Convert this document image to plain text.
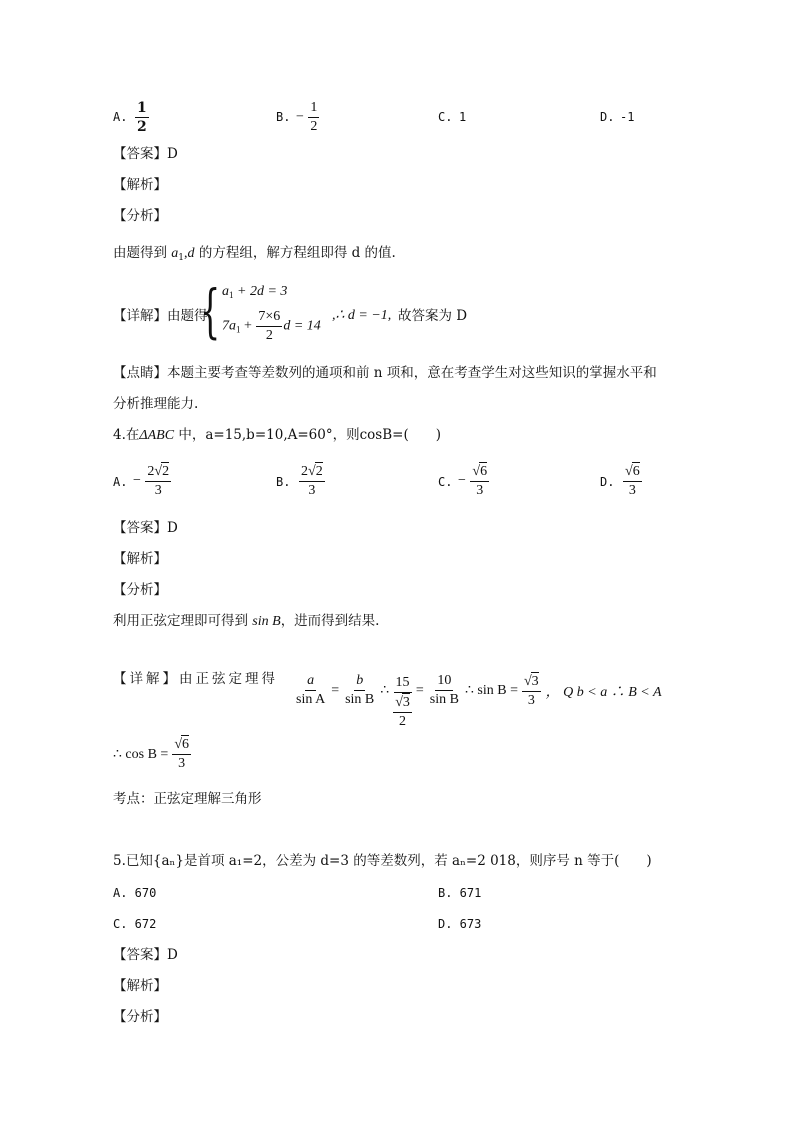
A. $\frac{1}{2}$	B. − $\frac{1}{2}$	C. 1	D. -1
【答案】D
【解析】
【分析】
由题得到 $a_1,d$ 的方程组，解方程组即得 d 的值.
【详解】由题得
{ $a_1 + 2d = 3$
$7a_1 + \frac{7\times 6}{2}$ d = 14
,∴ d = −1, 故答案为 D
【点睛】本题主要考查等差数列的通项和前 n 项和，意在考查学生对这些知识的掌握水平和
分析推理能力.
4.在ΔABC 中，a=15,b=10,A=60°，则cosB=(　　)
A. − $\frac{2√2}{3}$	B. $\frac{2√2}{3}$	C. − $\frac{√6}{3}$	D. $\frac{√6}{3}$
【答案】D
【解析】
【分析】
利用正弦定理即可得到 sin B，进而得到结果.
【详解】由正弦定理得 $\frac{a}{\text{sin A}} = \frac{b}{\text{sin B}}$ ∴ $\frac{15}{\frac{√3}{2}} = \frac{10}{\text{sin B}}$ ∴ $\sin B = \frac{√3}{3}$ ， Q b < a ∴ B < A
∴ $\cos B = \frac{√6}{3}$
考点：正弦定理解三角形
5.已知{aₙ}是首项 a₁=2，公差为 d=3 的等差数列，若 aₙ=2 018，则序号 n 等于(　　)
A. 670	B. 671
C. 672	D. 673
【答案】D
【解析】
【分析】
